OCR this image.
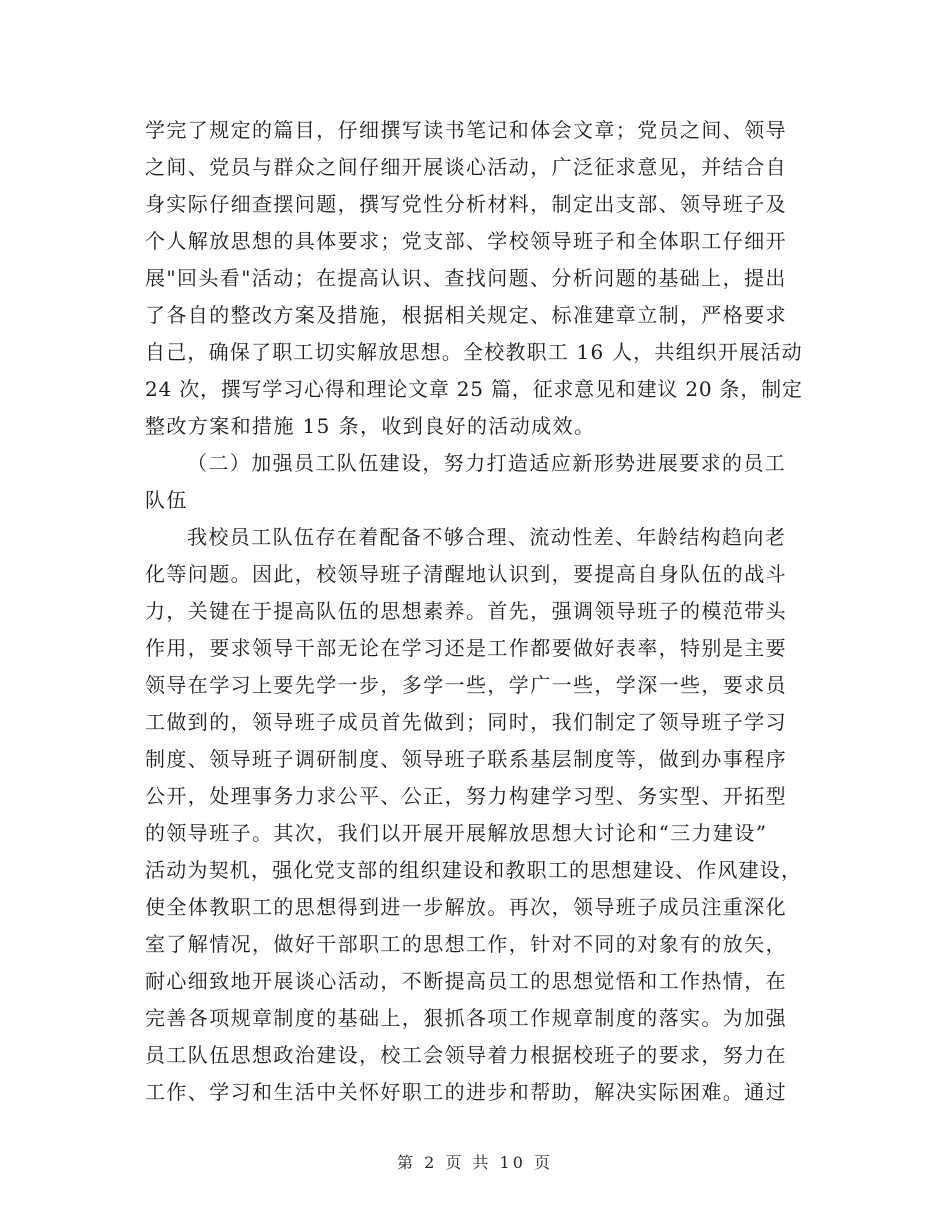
学完了规定的篇目，仔细撰写读书笔记和体会文章；党员之间、领导
之间、党员与群众之间仔细开展谈心活动，广泛征求意见，并结合自
身实际仔细查摆问题，撰写党性分析材料，制定出支部、领导班子及
个人解放思想的具体要求；党支部、学校领导班子和全体职工仔细开
展"回头看"活动；在提高认识、查找问题、分析问题的基础上，提出
了各自的整改方案及措施，根据相关规定、标准建章立制，严格要求
自己，确保了职工切实解放思想。全校教职工 16 人，共组织开展活动
24 次，撰写学习心得和理论文章 25 篇，征求意见和建议 20 条，制定
整改方案和措施 15 条，收到良好的活动成效。
（二）加强员工队伍建设，努力打造适应新形势进展要求的员工
队伍
我校员工队伍存在着配备不够合理、流动性差、年龄结构趋向老
化等问题。因此，校领导班子清醒地认识到，要提高自身队伍的战斗
力，关键在于提高队伍的思想素养。首先，强调领导班子的模范带头
作用，要求领导干部无论在学习还是工作都要做好表率，特别是主要
领导在学习上要先学一步，多学一些，学广一些，学深一些，要求员
工做到的，领导班子成员首先做到；同时，我们制定了领导班子学习
制度、领导班子调研制度、领导班子联系基层制度等，做到办事程序
公开，处理事务力求公平、公正，努力构建学习型、务实型、开拓型
的领导班子。其次，我们以开展开展解放思想大讨论和“三力建设”
活动为契机，强化党支部的组织建设和教职工的思想建设、作风建设，
使全体教职工的思想得到进一步解放。再次，领导班子成员注重深化
室了解情况，做好干部职工的思想工作，针对不同的对象有的放矢，
耐心细致地开展谈心活动，不断提高员工的思想觉悟和工作热情，在
完善各项规章制度的基础上，狠抓各项工作规章制度的落实。为加强
员工队伍思想政治建设，校工会领导着力根据校班子的要求，努力在
工作、学习和生活中关怀好职工的进步和帮助，解决实际困难。通过
第 2 页 共 10 页
